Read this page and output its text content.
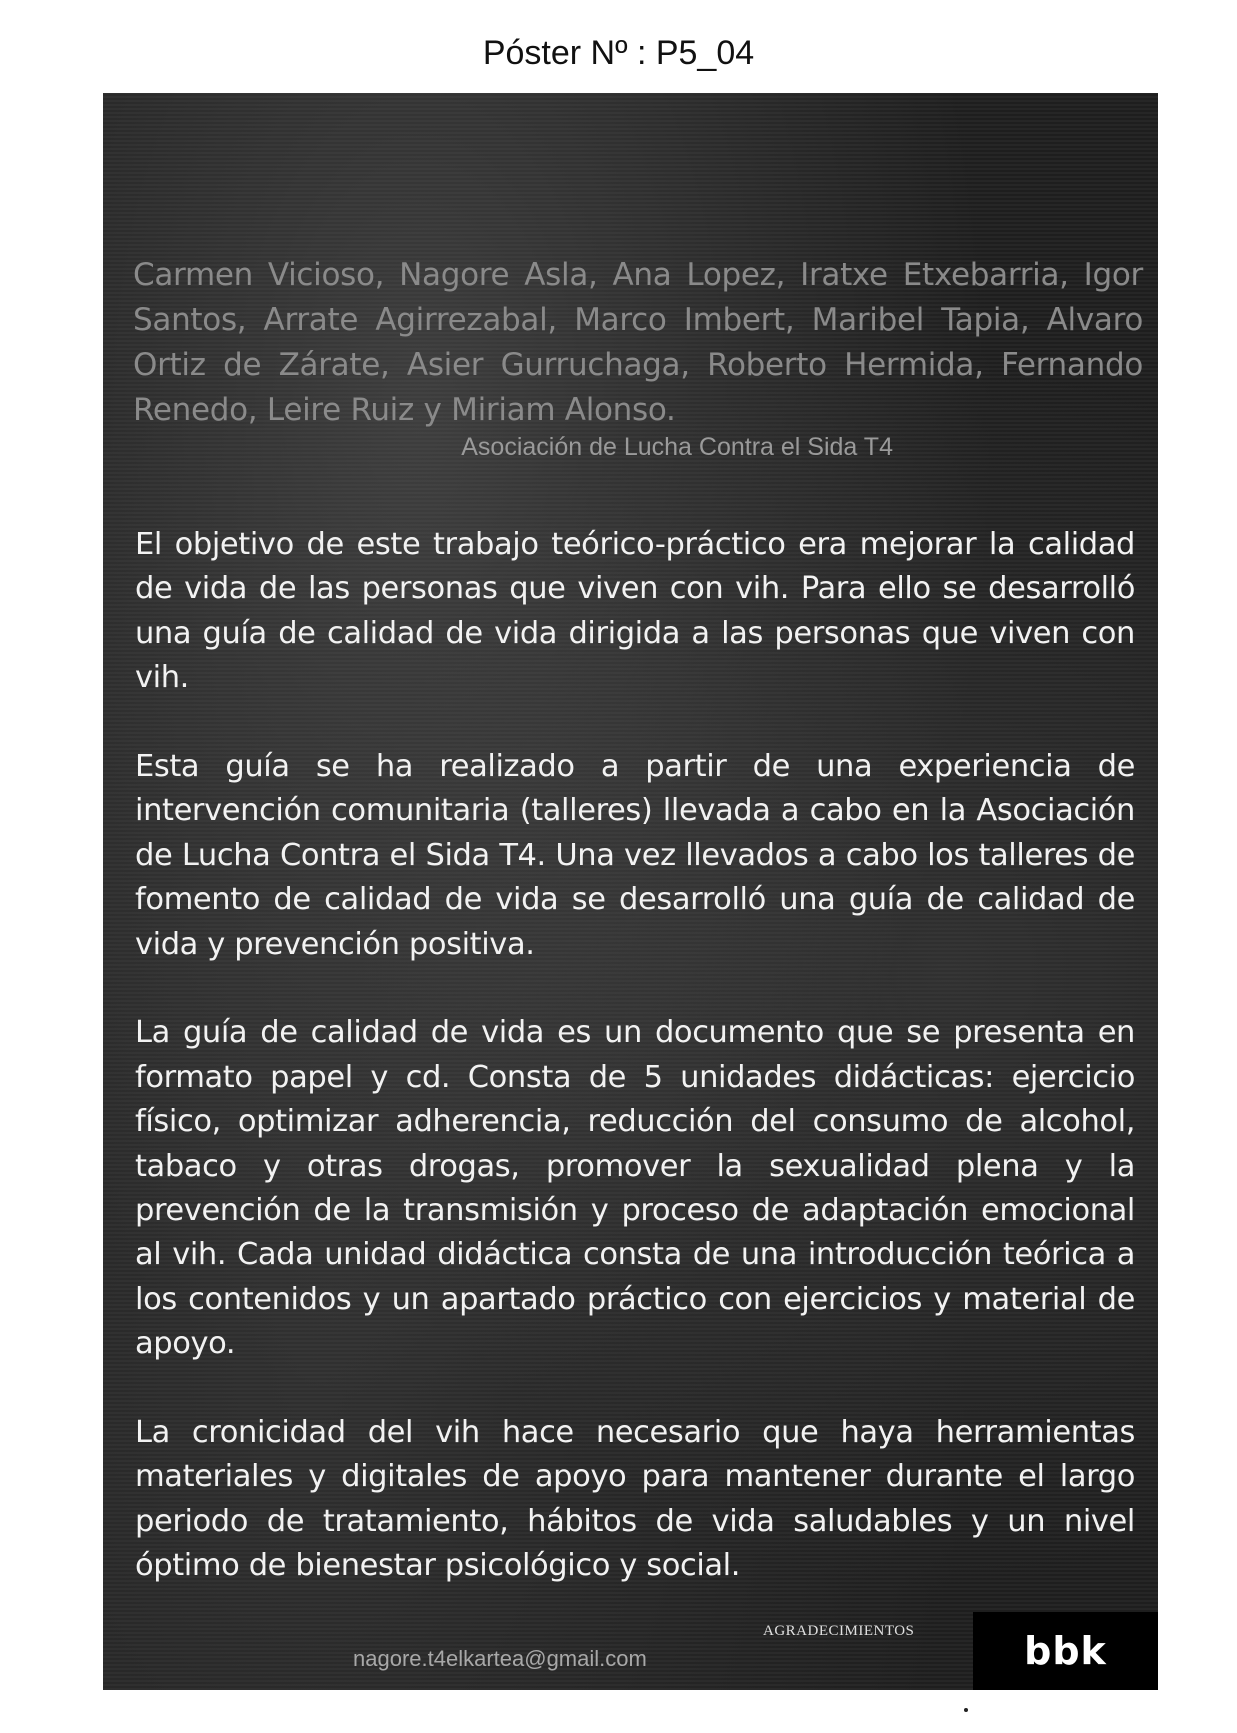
Póster Nº : P5_04
Carmen Vicioso, Nagore Asla, Ana Lopez, Iratxe Etxebarria, Igor Santos, Arrate Agirrezabal, Marco Imbert, Maribel Tapia, Alvaro Ortiz de Zárate, Asier Gurruchaga, Roberto Hermida, Fernando Renedo, Leire Ruiz y Miriam Alonso.
Asociación de Lucha Contra el Sida T4

El objetivo de este trabajo teórico-práctico era mejorar la calidad de vida de las personas que viven con vih. Para ello se desarrolló una guía de calidad de vida dirigida a las personas que viven con vih.

Esta guía se ha realizado a partir de una experiencia de intervención comunitaria (talleres) llevada a cabo en la Asociación de Lucha Contra el Sida T4. Una vez llevados a cabo los talleres de fomento de calidad de vida se desarrolló una guía de calidad de vida y prevención positiva.

La guía de calidad de vida es un documento que se presenta en formato papel y cd. Consta de 5 unidades didácticas: ejercicio físico, optimizar adherencia, reducción del consumo de alcohol, tabaco y otras drogas, promover la sexualidad plena y la prevención de la transmisión y proceso de adaptación emocional al vih. Cada unidad didáctica consta de una introducción teórica a los contenidos y un apartado práctico con ejercicios y material de apoyo.

La cronicidad del vih hace necesario que haya herramientas materiales y digitales de apoyo para mantener durante el largo periodo de tratamiento, hábitos de vida saludables y un nivel óptimo de bienestar psicológico y social.

AGRADECIMIENTOS
nagore.t4elkartea@gmail.com	bbk
